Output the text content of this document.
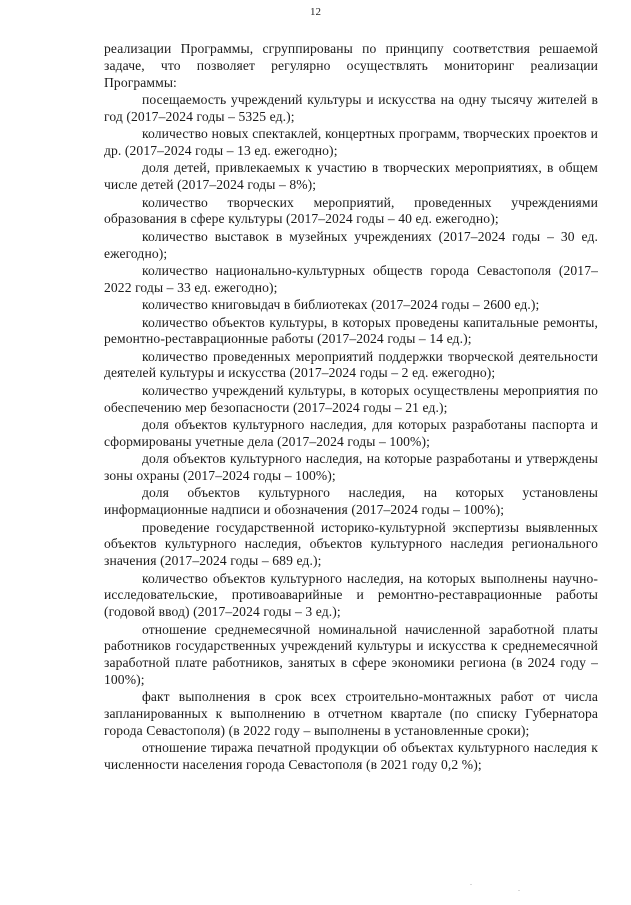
12

реализации Программы, сгруппированы по принципу соответствия решаемой задаче, что позволяет регулярно осуществлять мониторинг реализации Программы:

посещаемость учреждений культуры и искусства на одну тысячу жителей в год (2017–2024 годы – 5325 ед.);

количество новых спектаклей, концертных программ, творческих проектов и др. (2017–2024 годы – 13 ед. ежегодно);

доля детей, привлекаемых к участию в творческих мероприятиях, в общем числе детей (2017–2024 годы – 8%);

количество творческих мероприятий, проведенных учреждениями образования в сфере культуры (2017–2024 годы – 40 ед. ежегодно);

количество выставок в музейных учреждениях (2017–2024 годы – 30 ед. ежегодно);

количество национально-культурных обществ города Севастополя (2017–2022 годы – 33 ед. ежегодно);

количество книговыдач в библиотеках (2017–2024 годы – 2600 ед.);

количество объектов культуры, в которых проведены капитальные ремонты, ремонтно-реставрационные работы (2017–2024 годы – 14 ед.);

количество проведенных мероприятий поддержки творческой деятельности деятелей культуры и искусства (2017–2024 годы – 2 ед. ежегодно);

количество учреждений культуры, в которых осуществлены мероприятия по обеспечению мер безопасности (2017–2024 годы – 21 ед.);

доля объектов культурного наследия, для которых разработаны паспорта и сформированы учетные дела (2017–2024 годы – 100%);

доля объектов культурного наследия, на которые разработаны и утверждены зоны охраны (2017–2024 годы – 100%);

доля объектов культурного наследия, на которых установлены информационные надписи и обозначения (2017–2024 годы – 100%);

проведение государственной историко-культурной экспертизы выявленных объектов культурного наследия, объектов культурного наследия регионального значения (2017–2024 годы – 689 ед.);

количество объектов культурного наследия, на которых выполнены научно-исследовательские, противоаварийные и ремонтно-реставрационные работы (годовой ввод) (2017–2024 годы – 3 ед.);

отношение среднемесячной номинальной начисленной заработной платы работников государственных учреждений культуры и искусства к среднемесячной заработной плате работников, занятых в сфере экономики региона (в 2024 году – 100%);

факт выполнения в срок всех строительно-монтажных работ от числа запланированных к выполнению в отчетном квартале (по списку Губернатора города Севастополя) (в 2022 году – выполнены в установленные сроки);

отношение тиража печатной продукции об объектах культурного наследия к численности населения города Севастополя (в 2021 году 0,2 %);
